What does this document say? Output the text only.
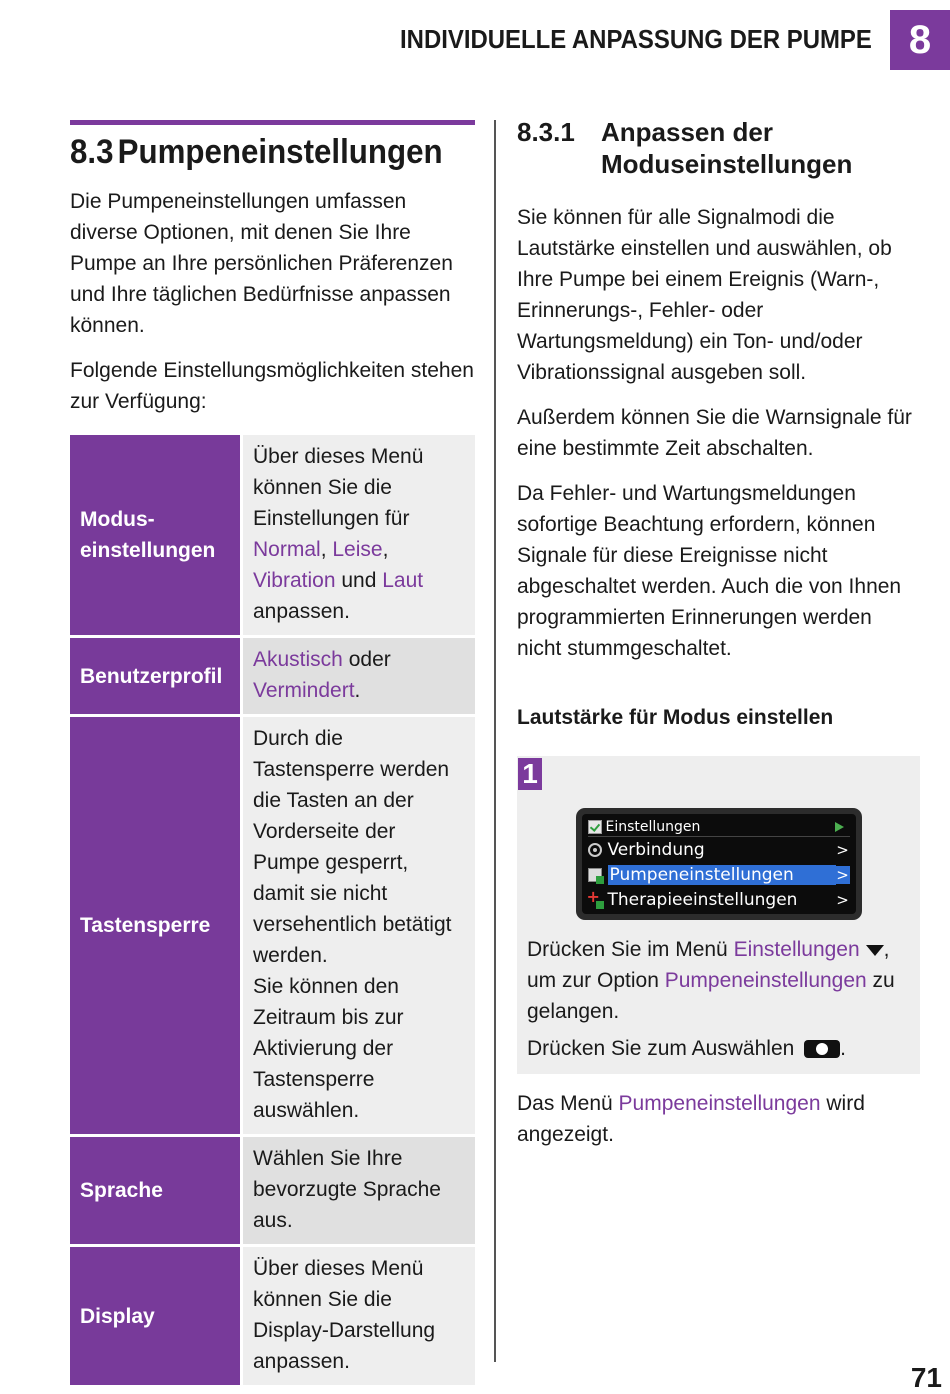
INDIVIDUELLE ANPASSUNG DER PUMPE 8
8.3 Pumpeneinstellungen

Die Pumpeneinstellungen umfassen diverse Optionen, mit denen Sie Ihre Pumpe an Ihre persönlichen Präferenzen und Ihre täglichen Bedürfnisse anpassen können.

Folgende Einstellungsmöglichkeiten stehen zur Verfügung:

Modus-
einstellungen	Über dieses Menü können Sie die Einstellungen für Normal, Leise, Vibration und Laut anpassen.
Benutzerprofil	Akustisch oder Vermindert.
Tastensperre	Durch die Tastensperre werden die Tasten an der Vorderseite der Pumpe gesperrt, damit sie nicht versehentlich betätigt werden.
Sie können den Zeitraum bis zur Aktivierung der Tastensperre auswählen.

Sprache	Wählen Sie Ihre bevorzugte Sprache aus.
Display	Über dieses Menü können Sie die Display-Darstellung anpassen.
8.3.1	Anpassen der Moduseinstellungen

Sie können für alle Signalmodi die Lautstärke einstellen und auswählen, ob Ihre Pumpe bei einem Ereignis (Warn-, Erinnerungs-, Fehler- oder Wartungsmeldung) ein Ton- und/oder Vibrationssignal ausgeben soll.

Außerdem können Sie die Warnsignale für eine bestimmte Zeit abschalten.

Da Fehler- und Wartungsmeldungen sofortige Beachtung erfordern, können Signale für diese Ereignisse nicht abgeschaltet werden. Auch die von Ihnen programmierten Erinnerungen werden nicht stummgeschaltet.

Lautstärke für Modus einstellen
1
Einstellungen
Verbindung	>
Pumpeneinstellungen	>
+
Therapieeinstellungen	>

Drücken Sie im Menü Einstellungen ,
um zur Option Pumpeneinstellungen zu gelangen.

Drücken Sie zum Auswählen .

Das Menü Pumpeneinstellungen wird angezeigt.

71
